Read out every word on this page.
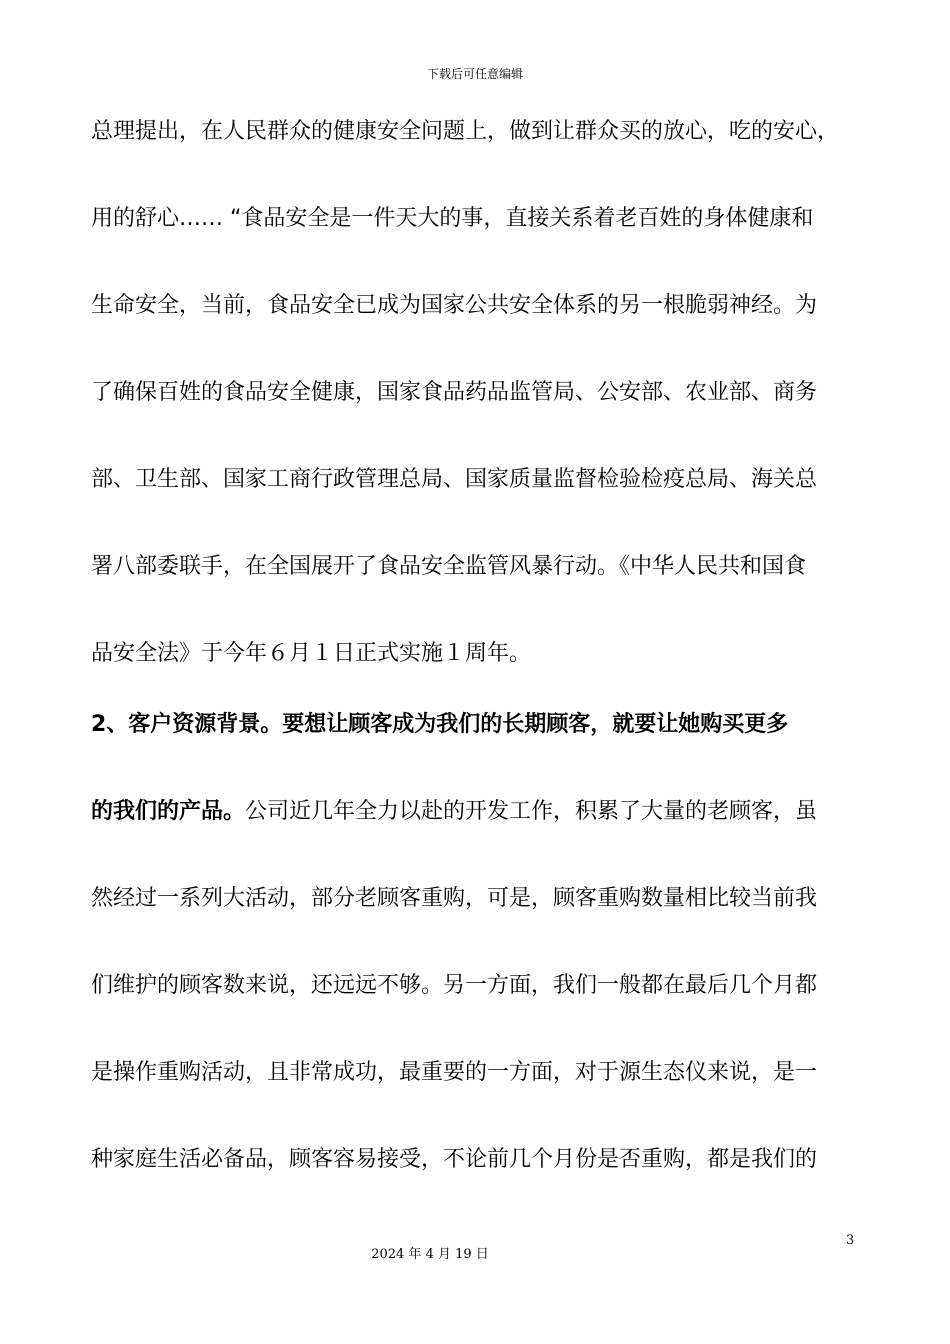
下载后可任意编辑
总理提出，在人民群众的健康安全问题上，做到让群众买的放心，吃的安心，
用的舒心…… “食品安全是一件天大的事，直接关系着老百姓的身体健康和
生命安全，当前，食品安全已成为国家公共安全体系的另一根脆弱神经。为
了确保百姓的食品安全健康，国家食品药品监管局、公安部、农业部、商务
部、卫生部、国家工商行政管理总局、国家质量监督检验检疫总局、海关总
署八部委联手，在全国展开了食品安全监管风暴行动。《中华人民共和国食
品安全法》于今年６月１日正式实施１周年。
2、客户资源背景。要想让顾客成为我们的长期顾客，就要让她购买更多
的我们的产品。公司近几年全力以赴的开发工作，积累了大量的老顾客，虽
然经过一系列大活动，部分老顾客重购，可是，顾客重购数量相比较当前我
们维护的顾客数来说，还远远不够。另一方面，我们一般都在最后几个月都
是操作重购活动，且非常成功，最重要的一方面，对于源生态仪来说，是一
种家庭生活必备品，顾客容易接受，不论前几个月份是否重购，都是我们的
3
2024 年 4 月 19 日
